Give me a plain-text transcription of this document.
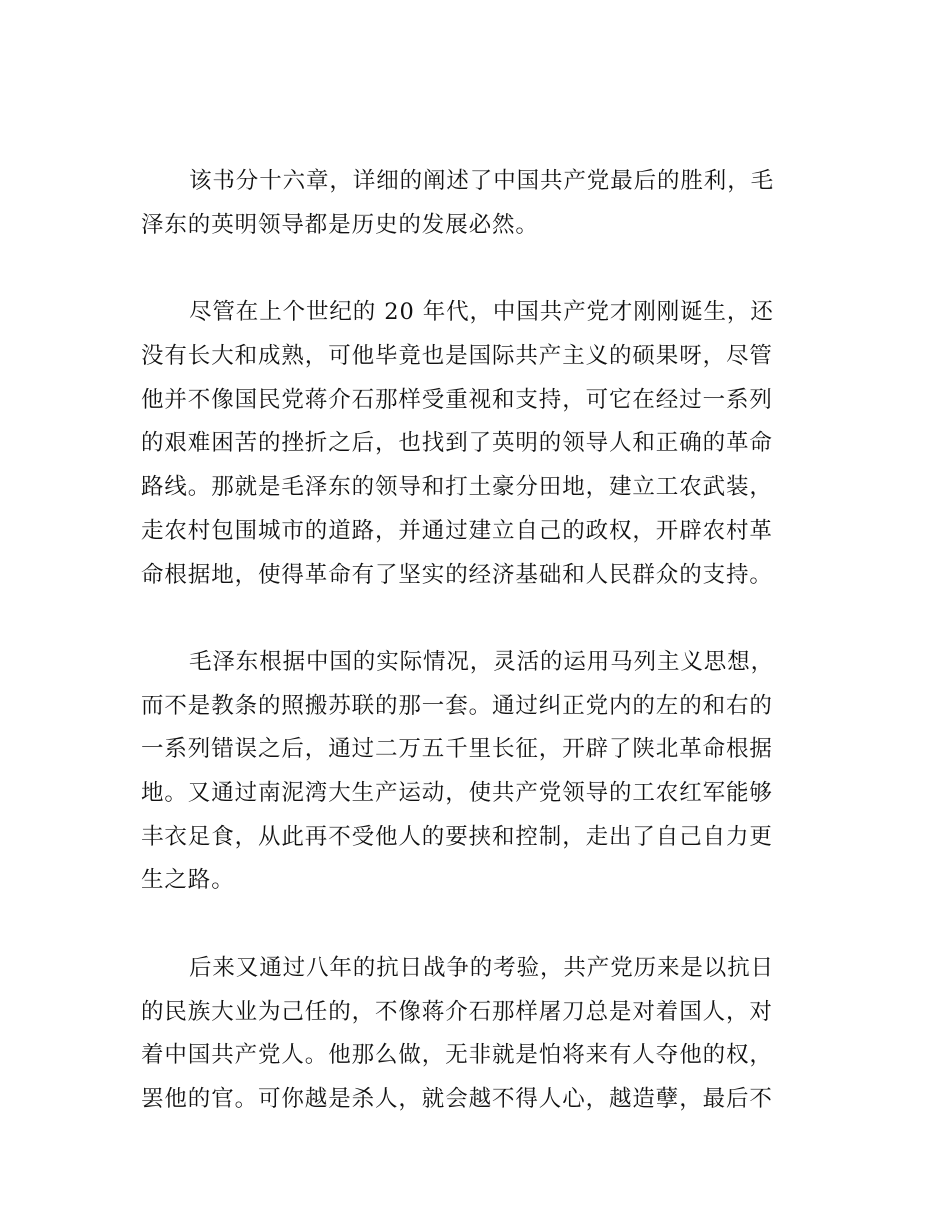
该书分十六章，详细的阐述了中国共产党最后的胜利，毛
泽东的英明领导都是历史的发展必然。
尽管在上个世纪的 20 年代，中国共产党才刚刚诞生，还
没有长大和成熟，可他毕竟也是国际共产主义的硕果呀，尽管
他并不像国民党蒋介石那样受重视和支持，可它在经过一系列
的艰难困苦的挫折之后，也找到了英明的领导人和正确的革命
路线。那就是毛泽东的领导和打土豪分田地，建立工农武装，
走农村包围城市的道路，并通过建立自己的政权，开辟农村革
命根据地，使得革命有了坚实的经济基础和人民群众的支持。
毛泽东根据中国的实际情况，灵活的运用马列主义思想，
而不是教条的照搬苏联的那一套。通过纠正党内的左的和右的
一系列错误之后，通过二万五千里长征，开辟了陕北革命根据
地。又通过南泥湾大生产运动，使共产党领导的工农红军能够
丰衣足食，从此再不受他人的要挟和控制，走出了自己自力更
生之路。
后来又通过八年的抗日战争的考验，共产党历来是以抗日
的民族大业为己任的，不像蒋介石那样屠刀总是对着国人，对
着中国共产党人。他那么做，无非就是怕将来有人夺他的权，
罢他的官。可你越是杀人，就会越不得人心，越造孽，最后不
